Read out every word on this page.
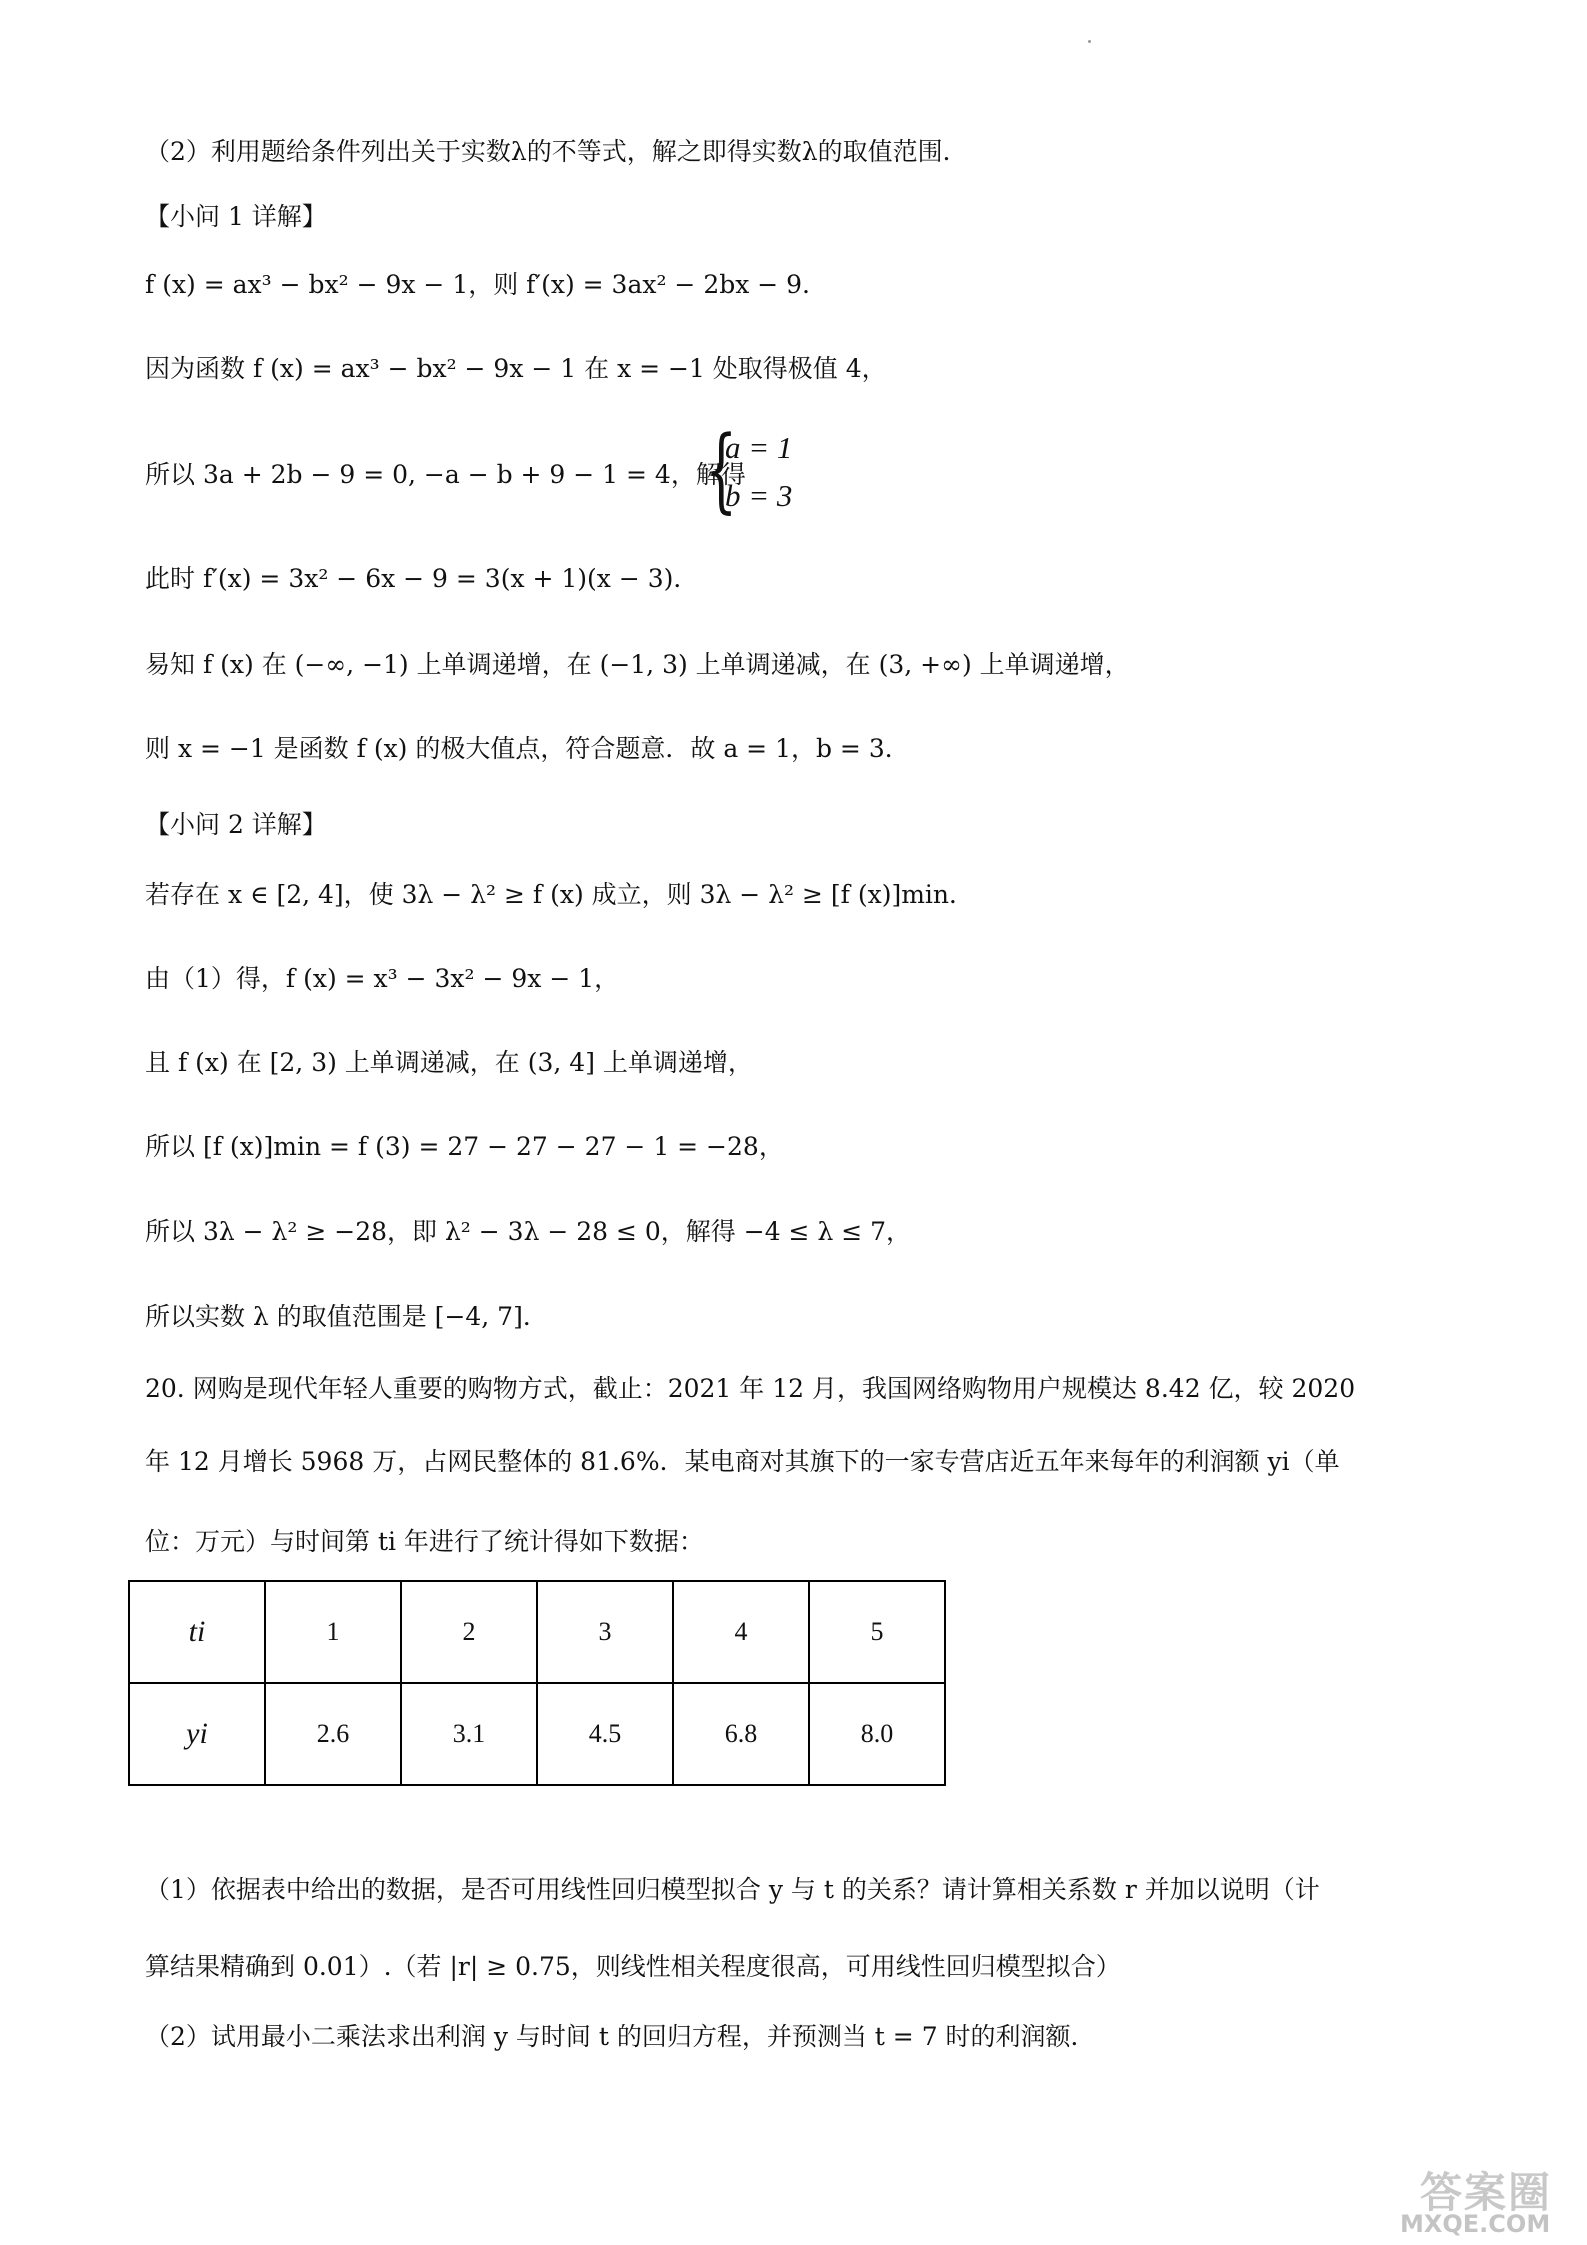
（2）利用题给条件列出关于实数λ的不等式，解之即得实数λ的取值范围．
【小问 1 详解】
f (x) = ax³ − bx² − 9x − 1，则 f′(x) = 3ax² − 2bx − 9．
因为函数 f (x) = ax³ − bx² − 9x − 1 在 x = −1 处取得极值 4，
所以 3a + 2b − 9 = 0, −a − b + 9 − 1 = 4，解得
此时 f′(x) = 3x² − 6x − 9 = 3(x + 1)(x − 3)．
易知 f (x) 在 (−∞, −1) 上单调递增，在 (−1, 3) 上单调递减，在 (3, +∞) 上单调递增，
则 x = −1 是函数 f (x) 的极大值点，符合题意．故 a = 1，b = 3．
【小问 2 详解】
若存在 x ∈ [2, 4]，使 3λ − λ² ≥ f (x) 成立，则 3λ − λ² ≥ [f (x)]min．
由（1）得，f (x) = x³ − 3x² − 9x − 1，
且 f (x) 在 [2, 3) 上单调递减，在 (3, 4] 上单调递增，
所以 [f (x)]min = f (3) = 27 − 27 − 27 − 1 = −28，
所以 3λ − λ² ≥ −28，即 λ² − 3λ − 28 ≤ 0，解得 −4 ≤ λ ≤ 7，
所以实数 λ 的取值范围是 [−4, 7]．
20. 网购是现代年轻人重要的购物方式，截止：2021 年 12 月，我国网络购物用户规模达 8.42 亿，较 2020
年 12 月增长 5968 万，占网民整体的 81.6%．某电商对其旗下的一家专营店近五年来每年的利润额 yi（单
位：万元）与时间第 ti 年进行了统计得如下数据：
（1）依据表中给出的数据，是否可用线性回归模型拟合 y 与 t 的关系？请计算相关系数 r 并加以说明（计
算结果精确到 0.01）.（若 |r| ≥ 0.75，则线性相关程度很高，可用线性回归模型拟合）
（2）试用最小二乘法求出利润 y 与时间 t 的回归方程，并预测当 t = 7 时的利润额．
{
a = 1
b = 3
ti	1	2	3	4	5
yi	2.6	3.1	4.5	6.8	8.0
答案圈
MXQE.COM
